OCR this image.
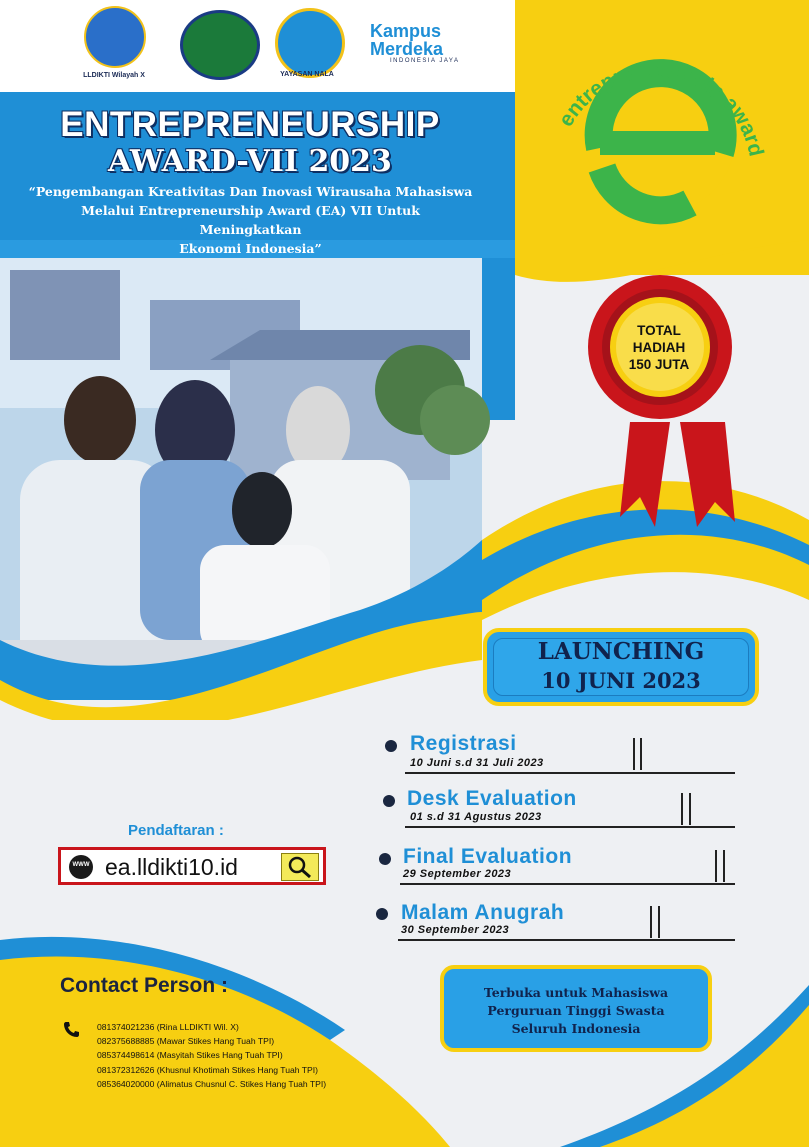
LLDIKTI Wilayah X	YAYASAN NALA
Kampus
Merdeka
INDONESIA JAYA
ENTREPRENEURSHIP
AWARD-VII 2023
“Pengembangan Kreativitas Dan Inovasi Wirausaha Mahasiswa
Melalui Entrepreneurship Award (EA) VII Untuk Meningkatkan
Ekonomi Indonesia”
entrepreneurship award
TOTAL
HADIAH
150 JUTA
LAUNCHING
10 JUNI 2023
Registrasi
10 Juni s.d 31 Juli 2023
Desk Evaluation
01 s.d 31 Agustus 2023
Final Evaluation
29 September 2023
Malam Anugrah
30 September 2023
Pendaftaran :
WWW ea.lldikti10.id
Contact Person :
081374021236 (Rina LLDIKTI Wil. X)
082375688885 (Mawar Stikes Hang Tuah TPI)
085374498614 (Masyitah Stikes Hang Tuah TPI)
081372312626 (Khusnul Khotimah Stikes Hang Tuah TPI)
085364020000 (Alimatus Chusnul C. Stikes Hang Tuah TPI)
Terbuka untuk Mahasiswa
Perguruan Tinggi Swasta
Seluruh Indonesia
